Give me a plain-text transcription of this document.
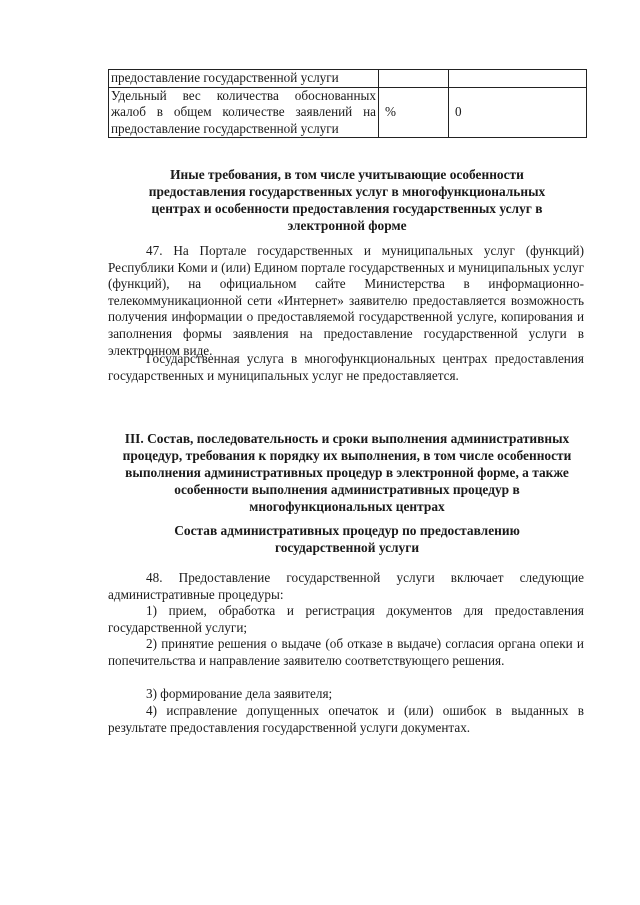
предоставление государственной услуги		
Удельный вес количества обоснованных жалоб в общем количестве заявлений на предоставление государственной услуги	%	0
Иные требования, в том числе учитывающие особенности предоставления государственных услуг в многофункциональных центрах и особенности предоставления государственных услуг в электронной форме
47. На Портале государственных и муниципальных услуг (функций) Республики Коми и (или) Едином портале государственных и муниципальных услуг (функций), на официальном сайте Министерства в информационно-телекоммуникационной сети «Интернет» заявителю предоставляется возможность получения информации о предоставляемой государственной услуге, копирования и заполнения формы заявления на предоставление государственной услуги в электронном виде.
Государственная услуга в многофункциональных центрах предоставления государственных и муниципальных услуг не предоставляется.
III. Состав, последовательность и сроки выполнения административных процедур, требования к порядку их выполнения, в том числе особенности выполнения административных процедур в электронной форме, а также особенности выполнения административных процедур в многофункциональных центрах
Состав административных процедур по предоставлению государственной услуги
48. Предоставление государственной услуги включает следующие административные процедуры:
1) прием, обработка и регистрация документов для предоставления государственной услуги;
2) принятие решения о выдаче (об отказе в выдаче) согласия органа опеки и попечительства и направление заявителю соответствующего решения.
3) формирование дела заявителя;
4) исправление допущенных опечаток и (или) ошибок в выданных в результате предоставления государственной услуги документах.
